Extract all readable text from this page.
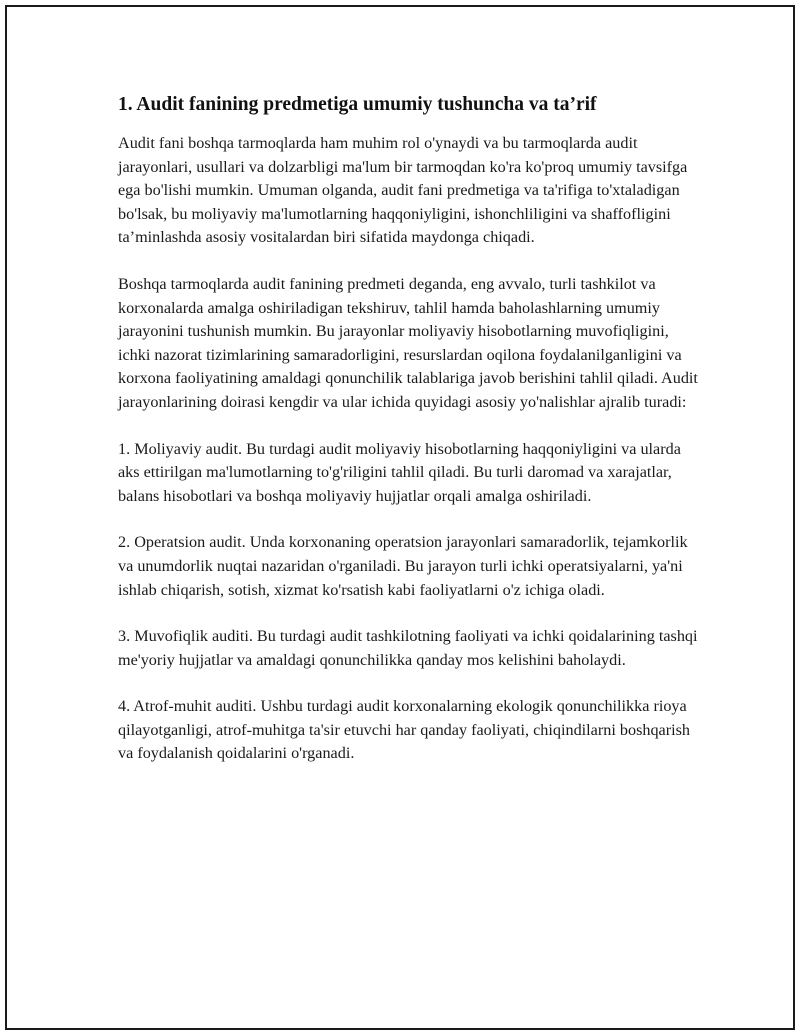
1. Audit fanining predmetiga umumiy tushuncha va ta’rif

Audit fani boshqa tarmoqlarda ham muhim rol o'ynaydi va bu tarmoqlarda audit jarayonlari, usullari va dolzarbligi ma'lum bir tarmoqdan ko'ra ko'proq umumiy tavsifga ega bo'lishi mumkin. Umuman olganda, audit fani predmetiga va ta'rifiga to'xtaladigan bo'lsak, bu moliyaviy ma'lumotlarning haqqoniyligini, ishonchliligini va shaffofligini ta’minlashda asosiy vositalardan biri sifatida maydonga chiqadi.

Boshqa tarmoqlarda audit fanining predmeti deganda, eng avvalo, turli tashkilot va korxonalarda amalga oshiriladigan tekshiruv, tahlil hamda baholashlarning umumiy jarayonini tushunish mumkin. Bu jarayonlar moliyaviy hisobotlarning muvofiqligini, ichki nazorat tizimlarining samaradorligini, resurslardan oqilona foydalanilganligini va korxona faoliyatining amaldagi qonunchilik talablariga javob berishini tahlil qiladi. Audit jarayonlarining doirasi kengdir va ular ichida quyidagi asosiy yo'nalishlar ajralib turadi:

1. Moliyaviy audit. Bu turdagi audit moliyaviy hisobotlarning haqqoniyligini va ularda aks ettirilgan ma'lumotlarning to'g'riligini tahlil qiladi. Bu turli daromad va xarajatlar, balans hisobotlari va boshqa moliyaviy hujjatlar orqali amalga oshiriladi.

2. Operatsion audit. Unda korxonaning operatsion jarayonlari samaradorlik, tejamkorlik va unumdorlik nuqtai nazaridan o'rganiladi. Bu jarayon turli ichki operatsiyalarni, ya'ni ishlab chiqarish, sotish, xizmat ko'rsatish kabi faoliyatlarni o'z ichiga oladi.

3. Muvofiqlik auditi. Bu turdagi audit tashkilotning faoliyati va ichki qoidalarining tashqi me'yoriy hujjatlar va amaldagi qonunchilikka qanday mos kelishini baholaydi.

4. Atrof-muhit auditi. Ushbu turdagi audit korxonalarning ekologik qonunchilikka rioya qilayotganligi, atrof-muhitga ta'sir etuvchi har qanday faoliyati, chiqindilarni boshqarish va foydalanish qoidalarini o'rganadi.
